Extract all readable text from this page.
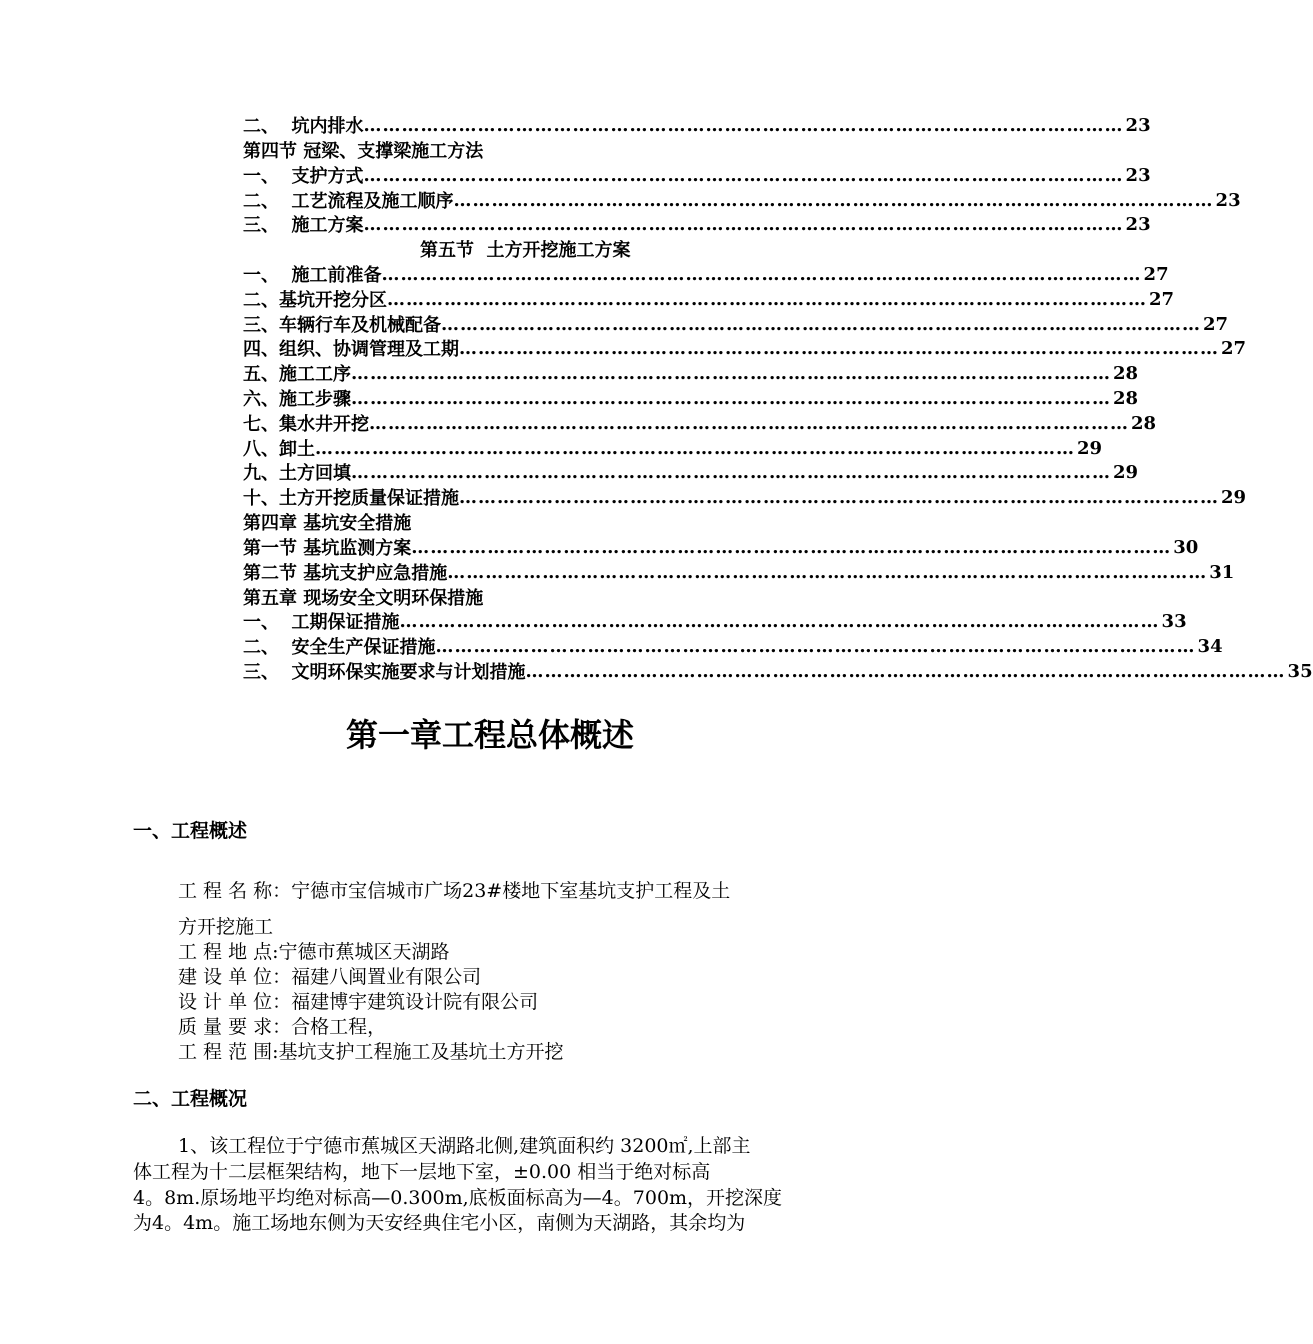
二、  坑内排水 ………………………………………………………………………………………………………… 23
第四节 冠梁、支撑梁施工方法
一、  支护方式 ………………………………………………………………………………………………………… 23
二、  工艺流程及施工顺序 ………………………………………………………………………………………………………… 23
三、  施工方案 ………………………………………………………………………………………………………… 23
第五节  土方开挖施工方案
一、  施工前准备 ………………………………………………………………………………………………………… 27
二、基坑开挖分区 ………………………………………………………………………………………………………… 27
三、车辆行车及机械配备 ………………………………………………………………………………………………………… 27
四、组织、协调管理及工期 ………………………………………………………………………………………………………… 27
五、施工工序 ………………………………………………………………………………………………………… 28
六、施工步骤 ………………………………………………………………………………………………………… 28
七、集水井开挖 ………………………………………………………………………………………………………… 28
八、卸土 ………………………………………………………………………………………………………… 29
九、土方回填 ………………………………………………………………………………………………………… 29
十、土方开挖质量保证措施 ………………………………………………………………………………………………………… 29
第四章 基坑安全措施
第一节 基坑监测方案 ………………………………………………………………………………………………………… 30
第二节 基坑支护应急措施 ………………………………………………………………………………………………………… 31
第五章 现场安全文明环保措施
一、  工期保证措施 ………………………………………………………………………………………………………… 33
二、  安全生产保证措施 ………………………………………………………………………………………………………… 34
三、  文明环保实施要求与计划措施 ………………………………………………………………………………………………………… 35
第一章工程总体概述
一、工程概述
工 程 名 称：宁德市宝信城市广场23#楼地下室基坑支护工程及土
方开挖施工
工 程 地 点:宁德市蕉城区天湖路
建 设 单 位：福建八闽置业有限公司
设 计 单 位：福建博宇建筑设计院有限公司
质 量 要 求：合格工程，
工 程 范 围:基坑支护工程施工及基坑土方开挖
二、工程概况
1、该工程位于宁德市蕉城区天湖路北侧,建筑面积约 3200㎡,上部主
体工程为十二层框架结构，地下一层地下室，±0.00 相当于绝对标高
4。8m.原场地平均绝对标高—0.300m,底板面标高为—4。700m，开挖深度
为4。4m。施工场地东侧为天安经典住宅小区，南侧为天湖路，其余均为
